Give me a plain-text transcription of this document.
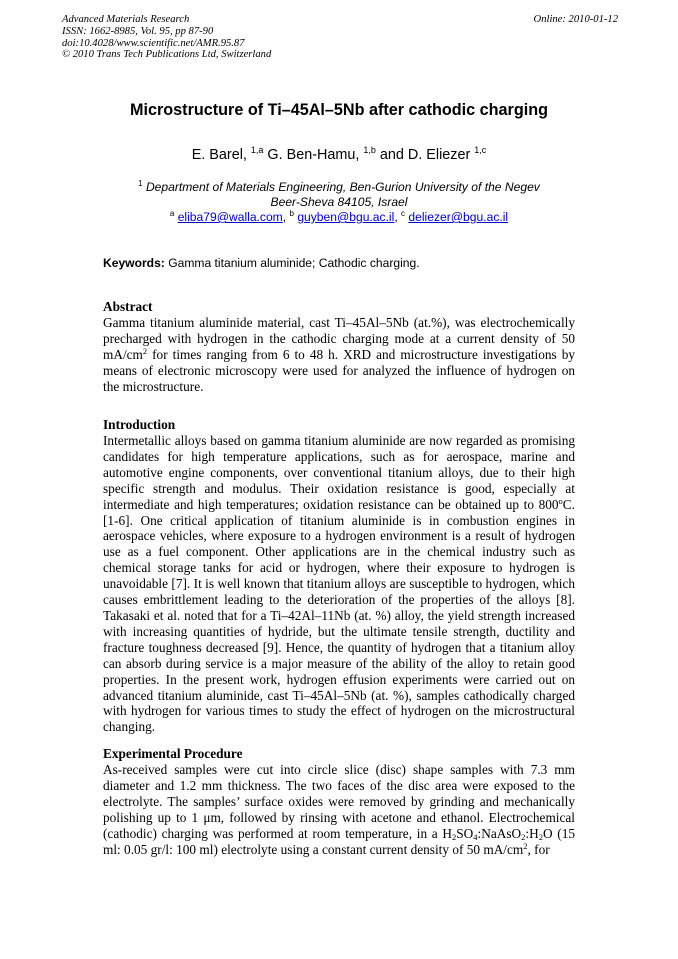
Advanced Materials Research
ISSN: 1662-8985, Vol. 95, pp 87-90
doi:10.4028/www.scientific.net/AMR.95.87
© 2010 Trans Tech Publications Ltd, Switzerland
Online: 2010-01-12
Microstructure of Ti–45Al–5Nb after cathodic charging
E. Barel, $^{1,a}$ G. Ben-Hamu, $^{1,b}$ and D. Eliezer $^{1,c}$
$^1$ Department of Materials Engineering, Ben-Gurion University of the Negev
Beer-Sheva 84105, Israel
$^a$ eliba79@walla.com, $^b$ guyben@bgu.ac.il, $^c$ deliezer@bgu.ac.il
Keywords: Gamma titanium aluminide; Cathodic charging.
Abstract

Gamma titanium aluminide material, cast Ti–45Al–5Nb (at.%), was electrochemically precharged with hydrogen in the cathodic charging mode at a current density of 50 $mA/cm^2$ for times ranging from 6 to 48 h. XRD and microstructure investigations by means of electronic microscopy were used for analyzed the influence of hydrogen on the microstructure.

Introduction

Intermetallic alloys based on gamma titanium aluminide are now regarded as promising candidates for high temperature applications, such as for aerospace, marine and automotive engine components, over conventional titanium alloys, due to their high specific strength and modulus. Their oxidation resistance is good, especially at intermediate and high temperatures; oxidation resistance can be obtained up to 800$^o$C. [1-6]. One critical application of titanium aluminide is in combustion engines in aerospace vehicles, where exposure to a hydrogen environment is a result of hydrogen use as a fuel component. Other applications are in the chemical industry such as chemical storage tanks for acid or hydrogen, where their exposure to hydrogen is unavoidable [7]. It is well known that titanium alloys are susceptible to hydrogen, which causes embrittlement leading to the deterioration of the properties of the alloys [8]. Takasaki et al. noted that for a Ti–42Al–11Nb (at. %) alloy, the yield strength increased with increasing quantities of hydride, but the ultimate tensile strength, ductility and fracture toughness decreased [9]. Hence, the quantity of hydrogen that a titanium alloy can absorb during service is a major measure of the ability of the alloy to retain good properties. In the present work, hydrogen effusion experiments were carried out on advanced titanium aluminide, cast Ti–45Al–5Nb (at. %), samples cathodically charged with hydrogen for various times to study the effect of hydrogen on the microstructural changing.

Experimental Procedure

As-received samples were cut into circle slice (disc) shape samples with 7.3 mm diameter and 1.2 mm thickness. The two faces of the disc area were exposed to the electrolyte. The samples’ surface oxides were removed by grinding and mechanically polishing up to 1 μm, followed by rinsing with acetone and ethanol. Electrochemical (cathodic) charging was performed at room temperature, in a $H_2SO_4:NaAsO_2:H_2O$ (15 ml: 0.05 gr/l: 100 ml) electrolyte using a constant current density of 50 $mA/cm^2$, for
